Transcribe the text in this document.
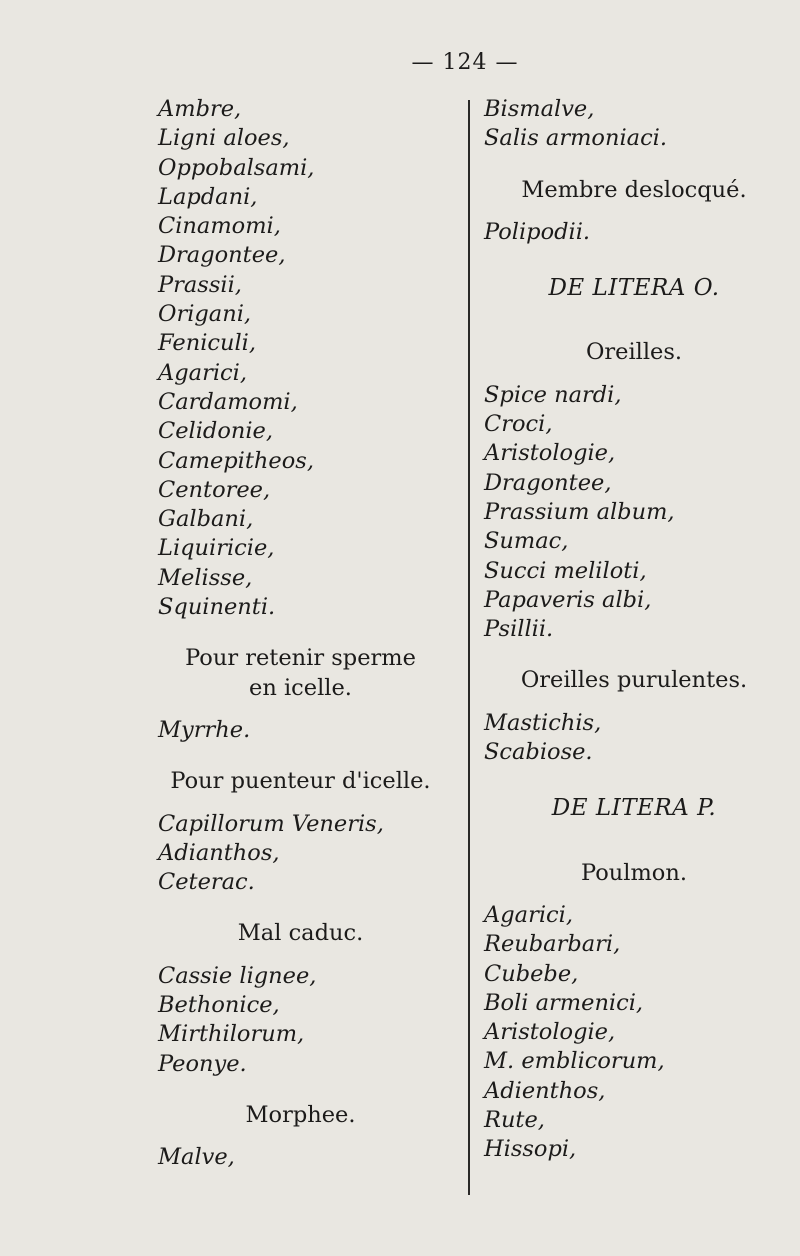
— 124 —
Ambre,
Ligni aloes,
Oppobalsami,
Lapdani,
Cinamomi,
Dragontee,
Prassii,
Origani,
Feniculi,
Agarici,
Cardamomi,
Celidonie,
Camepitheos,
Centoree,
Galbani,
Liquiricie,
Melisse,
Squinenti.
Pour retenir sperme
en icelle.
Myrrhe.
Pour puenteur d'icelle.
Capillorum Veneris,
Adianthos,
Ceterac.
Mal caduc.
Cassie lignee,
Bethonice,
Mirthilorum,
Peonye.
Morphee.
Malve,
Bismalve,
Salis armoniaci.
Membre deslocqué.
Polipodii.
DE LITERA O.
Oreilles.
Spice nardi,
Croci,
Aristologie,
Dragontee,
Prassium album,
Sumac,
Succi meliloti,
Papaveris albi,
Psillii.
Oreilles purulentes.
Mastichis,
Scabiose.
DE LITERA P.
Poulmon.
Agarici,
Reubarbari,
Cubebe,
Boli armenici,
Aristologie,
M. emblicorum,
Adienthos,
Rute,
Hissopi,
